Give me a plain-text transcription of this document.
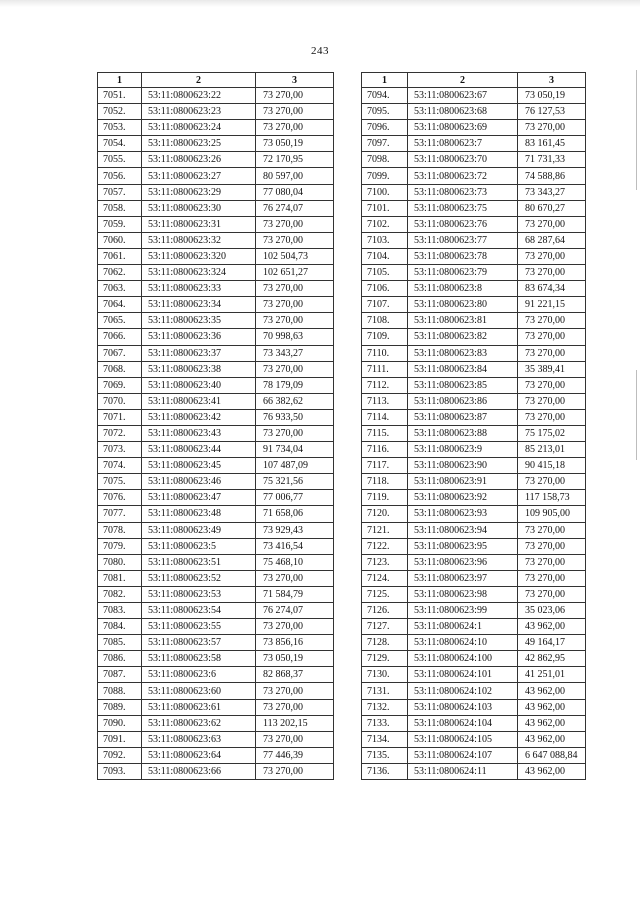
243
1	2	3
7051.	53:11:0800623:22	73 270,00
7052.	53:11:0800623:23	73 270,00
7053.	53:11:0800623:24	73 270,00
7054.	53:11:0800623:25	73 050,19
7055.	53:11:0800623:26	72 170,95
7056.	53:11:0800623:27	80 597,00
7057.	53:11:0800623:29	77 080,04
7058.	53:11:0800623:30	76 274,07
7059.	53:11:0800623:31	73 270,00
7060.	53:11:0800623:32	73 270,00
7061.	53:11:0800623:320	102 504,73
7062.	53:11:0800623:324	102 651,27
7063.	53:11:0800623:33	73 270,00
7064.	53:11:0800623:34	73 270,00
7065.	53:11:0800623:35	73 270,00
7066.	53:11:0800623:36	70 998,63
7067.	53:11:0800623:37	73 343,27
7068.	53:11:0800623:38	73 270,00
7069.	53:11:0800623:40	78 179,09
7070.	53:11:0800623:41	66 382,62
7071.	53:11:0800623:42	76 933,50
7072.	53:11:0800623:43	73 270,00
7073.	53:11:0800623:44	91 734,04
7074.	53:11:0800623:45	107 487,09
7075.	53:11:0800623:46	75 321,56
7076.	53:11:0800623:47	77 006,77
7077.	53:11:0800623:48	71 658,06
7078.	53:11:0800623:49	73 929,43
7079.	53:11:0800623:5	73 416,54
7080.	53:11:0800623:51	75 468,10
7081.	53:11:0800623:52	73 270,00
7082.	53:11:0800623:53	71 584,79
7083.	53:11:0800623:54	76 274,07
7084.	53:11:0800623:55	73 270,00
7085.	53:11:0800623:57	73 856,16
7086.	53:11:0800623:58	73 050,19
7087.	53:11:0800623:6	82 868,37
7088.	53:11:0800623:60	73 270,00
7089.	53:11:0800623:61	73 270,00
7090.	53:11:0800623:62	113 202,15
7091.	53:11:0800623:63	73 270,00
7092.	53:11:0800623:64	77 446,39
7093.	53:11:0800623:66	73 270,00
1	2	3
7094.	53:11:0800623:67	73 050,19
7095.	53:11:0800623:68	76 127,53
7096.	53:11:0800623:69	73 270,00
7097.	53:11:0800623:7	83 161,45
7098.	53:11:0800623:70	71 731,33
7099.	53:11:0800623:72	74 588,86
7100.	53:11:0800623:73	73 343,27
7101.	53:11:0800623:75	80 670,27
7102.	53:11:0800623:76	73 270,00
7103.	53:11:0800623:77	68 287,64
7104.	53:11:0800623:78	73 270,00
7105.	53:11:0800623:79	73 270,00
7106.	53:11:0800623:8	83 674,34
7107.	53:11:0800623:80	91 221,15
7108.	53:11:0800623:81	73 270,00
7109.	53:11:0800623:82	73 270,00
7110.	53:11:0800623:83	73 270,00
7111.	53:11:0800623:84	35 389,41
7112.	53:11:0800623:85	73 270,00
7113.	53:11:0800623:86	73 270,00
7114.	53:11:0800623:87	73 270,00
7115.	53:11:0800623:88	75 175,02
7116.	53:11:0800623:9	85 213,01
7117.	53:11:0800623:90	90 415,18
7118.	53:11:0800623:91	73 270,00
7119.	53:11:0800623:92	117 158,73
7120.	53:11:0800623:93	109 905,00
7121.	53:11:0800623:94	73 270,00
7122.	53:11:0800623:95	73 270,00
7123.	53:11:0800623:96	73 270,00
7124.	53:11:0800623:97	73 270,00
7125.	53:11:0800623:98	73 270,00
7126.	53:11:0800623:99	35 023,06
7127.	53:11:0800624:1	43 962,00
7128.	53:11:0800624:10	49 164,17
7129.	53:11:0800624:100	42 862,95
7130.	53:11:0800624:101	41 251,01
7131.	53:11:0800624:102	43 962,00
7132.	53:11:0800624:103	43 962,00
7133.	53:11:0800624:104	43 962,00
7134.	53:11:0800624:105	43 962,00
7135.	53:11:0800624:107	6 647 088,84
7136.	53:11:0800624:11	43 962,00
